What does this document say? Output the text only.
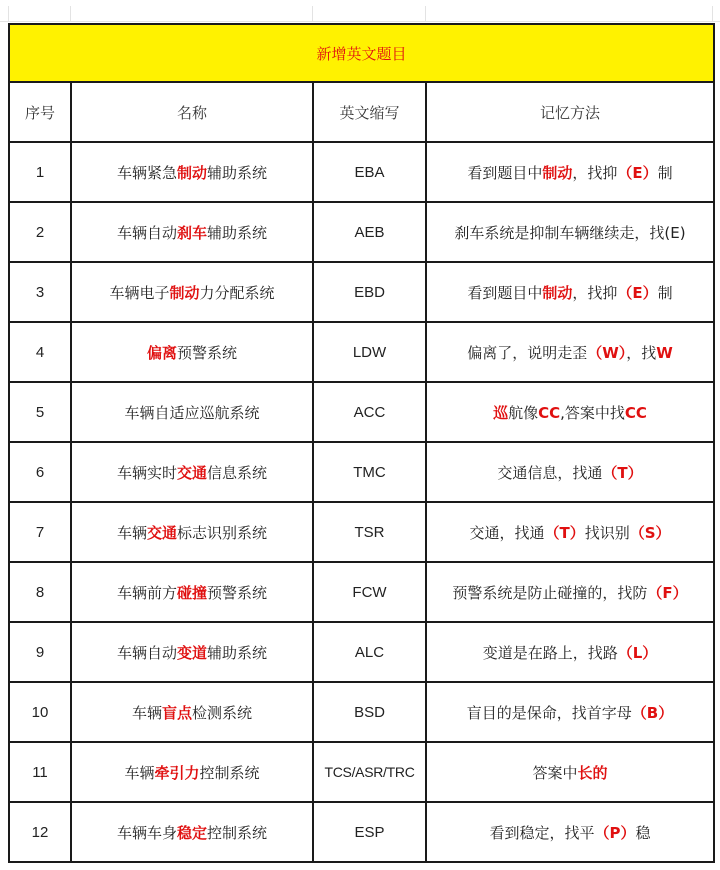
新增英文题目			
序号	名称	英文缩写	记忆方法
1	车辆紧急制动辅助系统	EBA	看到题目中制动，找抑（E）制
2	车辆自动刹车辅助系统	AEB	刹车系统是抑制车辆继续走，找(E)
3	车辆电子制动力分配系统	EBD	看到题目中制动，找抑（E）制
4	偏离预警系统	LDW	偏离了，说明走歪（W），找W
5	车辆自适应巡航系统	ACC	巡航像CC,答案中找CC
6	车辆实时交通信息系统	TMC	交通信息，找通（T）
7	车辆交通标志识别系统	TSR	交通，找通（T）找识别（S）
8	车辆前方碰撞预警系统	FCW	预警系统是防止碰撞的，找防（F）
9	车辆自动变道辅助系统	ALC	变道是在路上，找路（L）
10	车辆盲点检测系统	BSD	盲目的是保命，找首字母（B）
11	车辆牵引力控制系统	TCS/ASR/TRC	答案中长的
12	车辆车身稳定控制系统	ESP	看到稳定，找平（P）稳
